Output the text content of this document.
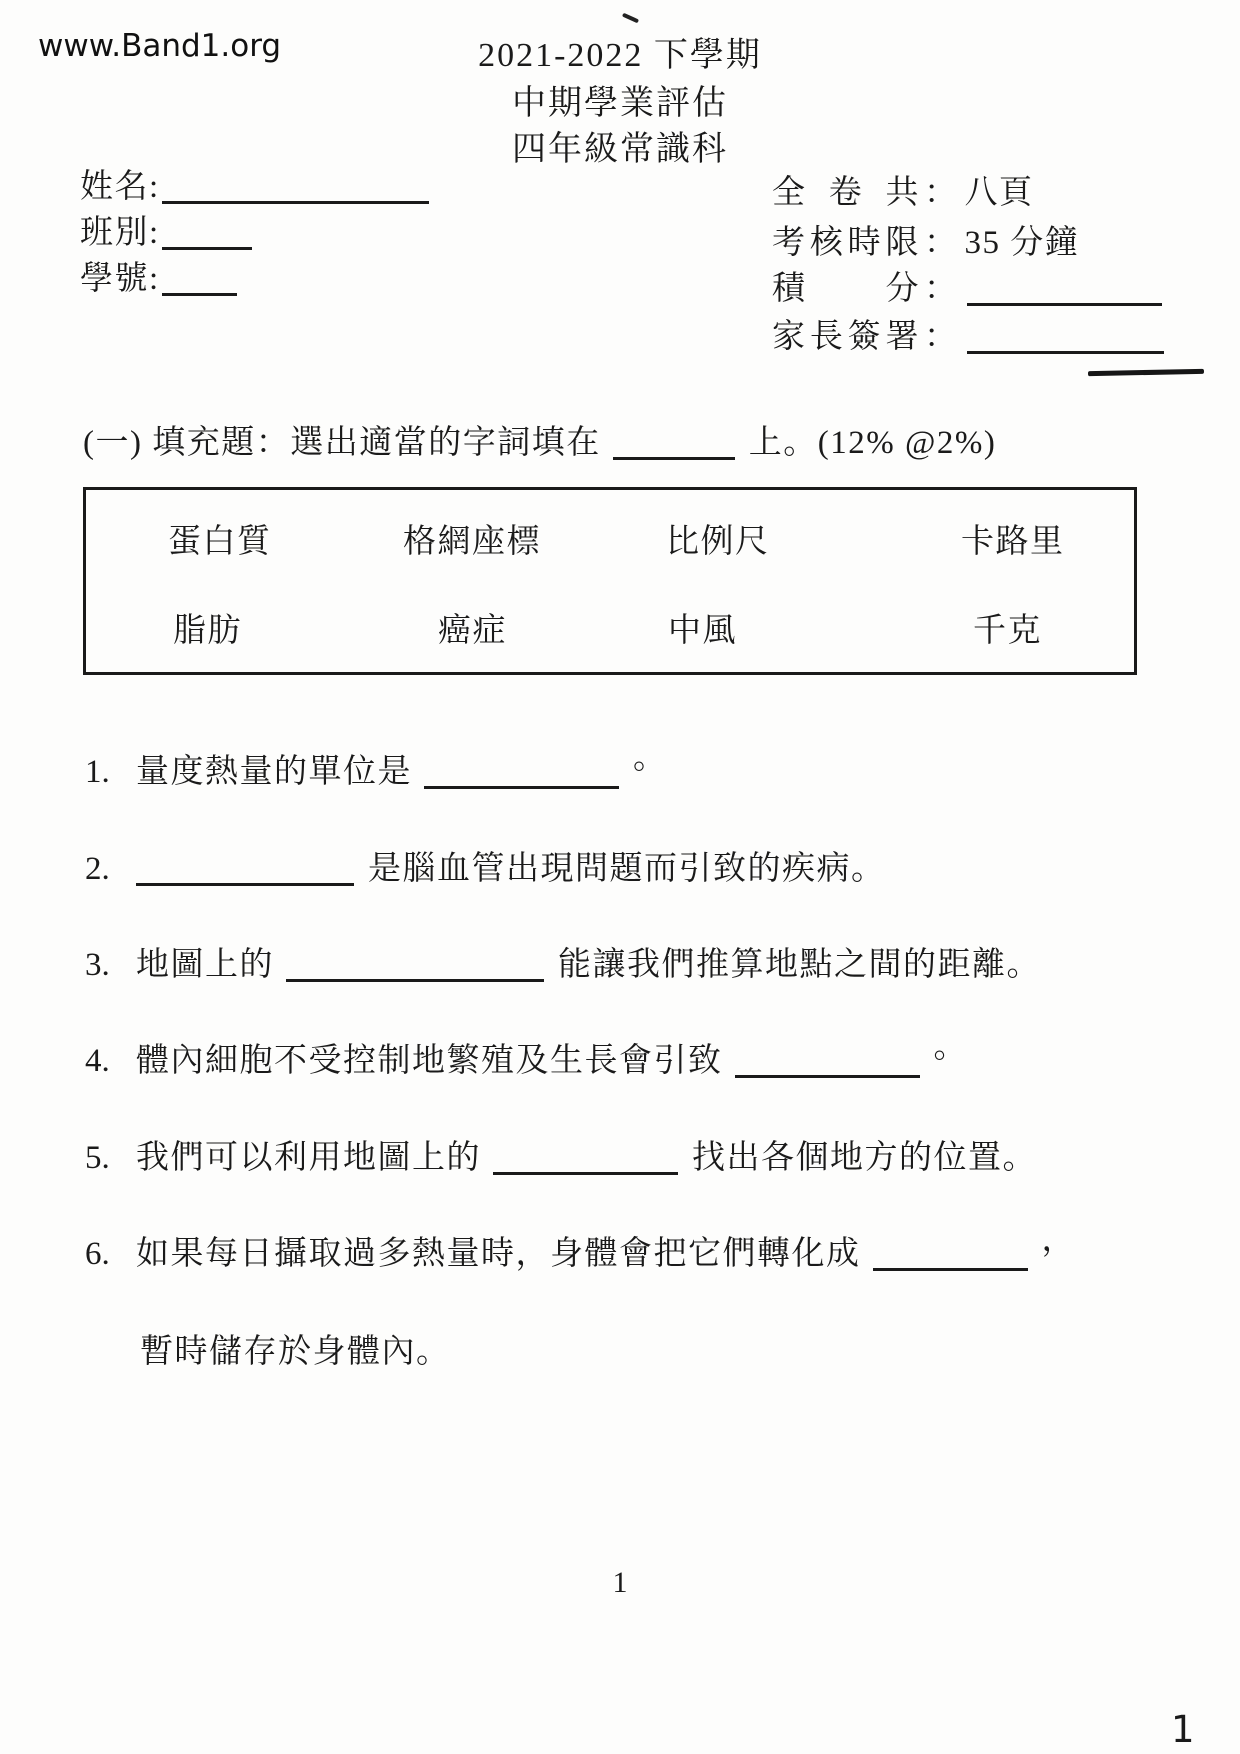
www.Band1.org	2021-2022 下學期
中期學業評估
四年級常識科
姓名:
班別:
學號:
全卷共 ： 八頁
考核時限 ： 35 分鐘
積　分 ：
家長簽署 ：
(一) 填充題：選出適當的字詞填在	上。(12% @2%)
蛋白質	格網座標	比例尺	卡路里
脂肪	癌症	中風	千克
1. 量度熱量的單位是	。
2.	是腦血管出現問題而引致的疾病。
3. 地圖上的	能讓我們推算地點之間的距離。
4. 體內細胞不受控制地繁殖及生長會引致	。
5. 我們可以利用地圖上的	找出各個地方的位置。
6. 如果每日攝取過多熱量時，身體會把它們轉化成	，
暫時儲存於身體內。
1
1
